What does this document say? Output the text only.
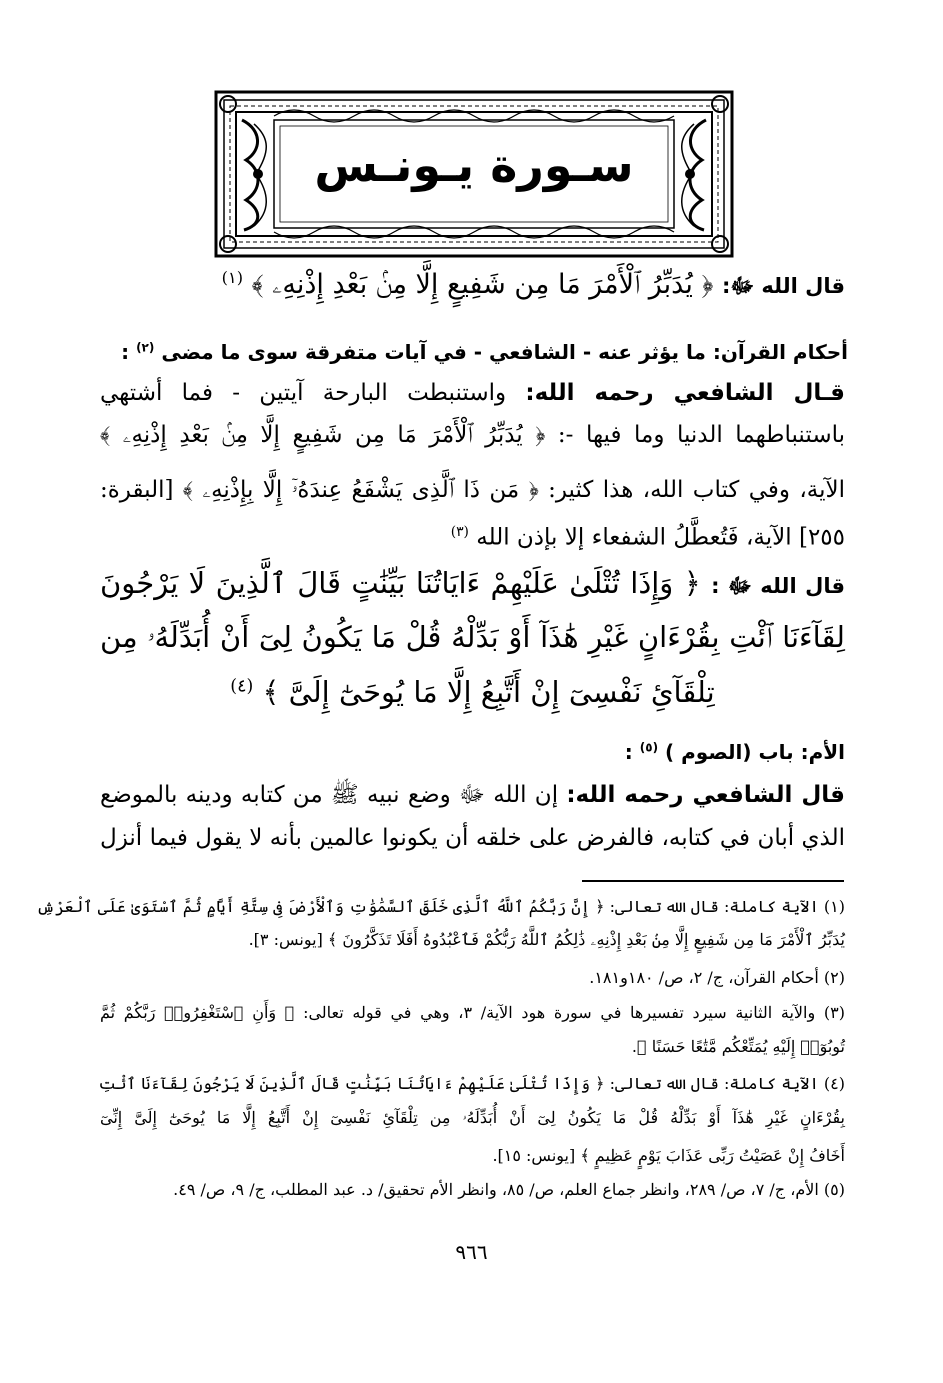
سـورة يـونـس
قال الله ﷻ: ﴿ يُدَبِّرُ ٱلْأَمْرَ مَا مِن شَفِيعٍ إِلَّا مِنۢ بَعْدِ إِذْنِهِۦ ﴾ $^{(١)}$
أحكام القرآن: ما يؤثر عنه - الشافعي - في آيات متفرقة سوى ما مضى $^{(٢)}$ :
قـال الشافعي رحمه الله: واستنبطت البارحة آيتين - فما أشتهي
باستنباطهما الدنيا وما فيها -: ﴿ يُدَبِّرُ ٱلْأَمْرَ مَا مِن شَفِيعٍ إِلَّا مِنۢ بَعْدِ إِذْنِهِۦ ﴾
الآية، وفي كتاب الله، هذا كثير: ﴿ مَن ذَا ٱلَّذِى يَشْفَعُ عِندَهُۥٓ إِلَّا بِإِذْنِهِۦ ﴾ [البقرة:
٢٥٥] الآية، فَتُعطَّلُ الشفعاء إلا بإذن الله $^{(٣)}$
قال الله ﷻ : ﴿ وَإِذَا تُتْلَىٰ عَلَيْهِمْ ءَايَاتُنَا بَيِّنَٰتٍ قَالَ ٱلَّذِينَ لَا يَرْجُونَ
لِقَآءَنَا ٱئْتِ بِقُرْءَانٍ غَيْرِ هَٰذَآ أَوْ بَدِّلْهُ قُلْ مَا يَكُونُ لِىٓ أَنْ أُبَدِّلَهُۥ مِن
تِلْقَآئِ نَفْسِىٓ إِنْ أَتَّبِعُ إِلَّا مَا يُوحَىٰٓ إِلَىَّ ﴾ $^{(٤)}$
الأم: باب (الصوم ) $^{(٥)}$ :
قال الشافعي رحمه الله: إن الله ﷻ وضع نبيه ﷺ من كتابه ودينه بالموضع
الذي أبان في كتابه، فالفرض على خلقه أن يكونوا عالمين بأنه لا يقول فيما أنزل
(١) الآية كاملة: قال الله تعالى: ﴿ إِنَّ رَبَّكُمُ ٱللَّهُ ٱلَّذِى خَلَقَ ٱلسَّمَٰوَٰتِ وَٱلْأَرْضَ فِى سِتَّةِ أَيَّامٍ ثُمَّ ٱسْتَوَىٰ عَلَى ٱلْعَرْشِ
يُدَبِّرُ ٱلْأَمْرَ مَا مِن شَفِيعٍ إِلَّا مِنۢ بَعْدِ إِذْنِهِۦ ذَٰلِكُمُ ٱللَّهُ رَبُّكُمْ فَٱعْبُدُوهُ أَفَلَا تَذَكَّرُونَ ﴾ [يونس: ٣].
(٢) أحكام القرآن، ج/ ٢، ص/ ١٨٠و١٨١.
(٣) والآية الثانية سيرد تفسيرها في سورة هود الآية/ ٣، وهي في قوله تعالى: ﴿ وَأَنِ ٱسْتَغْفِرُوا۟ رَبَّكُمْ ثُمَّ
تُوبُوٓا۟ إِلَيْهِ يُمَتِّعْكُم مَّتَٰعًا حَسَنًا ﴾.
(٤) الآية كاملة: قال الله تعالى: ﴿ وَإِذَا تُتْلَىٰ عَلَيْهِمْ ءَايَاتُنَا بَيِّنَٰتٍ قَالَ ٱلَّذِينَ لَا يَرْجُونَ لِقَآءَنَا ٱئْتِ
بِقُرْءَانٍ غَيْرِ هَٰذَآ أَوْ بَدِّلْهُ قُلْ مَا يَكُونُ لِىٓ أَنْ أُبَدِّلَهُۥ مِن تِلْقَآئِ نَفْسِىٓ إِنْ أَتَّبِعُ إِلَّا مَا يُوحَىٰٓ إِلَىَّ إِنِّىٓ
أَخَافُ إِنْ عَصَيْتُ رَبِّى عَذَابَ يَوْمٍ عَظِيمٍ ﴾ [يونس: ١٥].
(٥) الأم، ج/ ٧، ص/ ٢٨٩، وانظر جماع العلم، ص/ ٨٥، وانظر الأم تحقيق/ د. عبد المطلب، ج/ ٩، ص/ ٤٩.
٩٦٦
